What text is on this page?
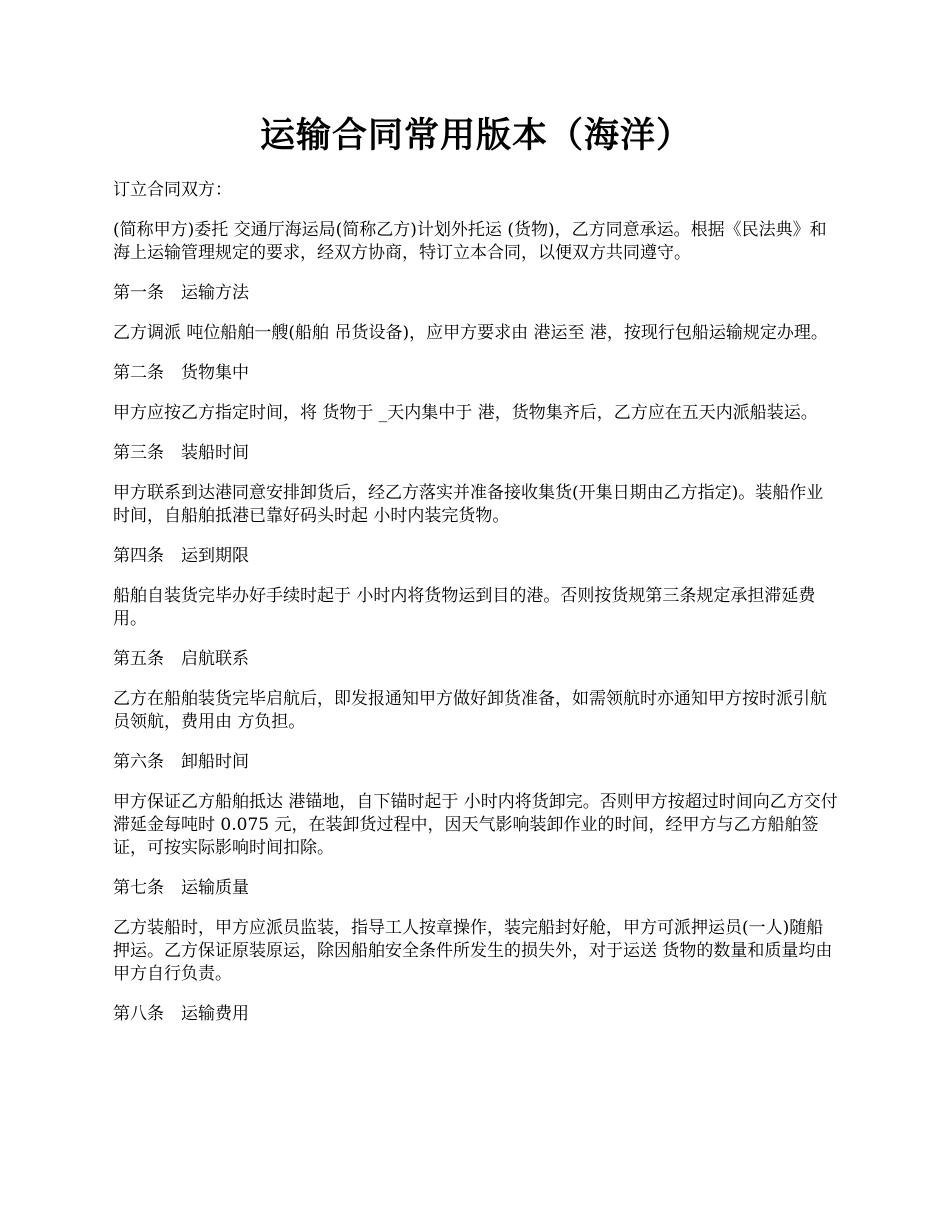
运输合同常用版本（海洋）

订立合同双方：

(简称甲方)委托 交通厅海运局(简称乙方)计划外托运 (货物)，乙方同意承运。根据《民法典》和 海上运输管理规定的要求，经双方协商，特订立本合同，以便双方共同遵守。

第一条　运输方法

乙方调派 吨位船舶一艘(船舶 吊货设备)，应甲方要求由 港运至 港，按现行包船运输规定办理。

第二条　货物集中

甲方应按乙方指定时间，将 货物于 _天内集中于 港，货物集齐后，乙方应在五天内派船装运。

第三条　装船时间

甲方联系到达港同意安排卸货后，经乙方落实并准备接收集货(开集日期由乙方指定)。装船作业时间，自船舶抵港已靠好码头时起 小时内装完货物。

第四条　运到期限

船舶自装货完毕办好手续时起于 小时内将货物运到目的港。否则按货规第三条规定承担滞延费用。

第五条　启航联系

乙方在船舶装货完毕启航后，即发报通知甲方做好卸货准备，如需领航时亦通知甲方按时派引航员领航，费用由 方负担。

第六条　卸船时间

甲方保证乙方船舶抵达 港锚地，自下锚时起于 小时内将货卸完。否则甲方按超过时间向乙方交付滞延金每吨时 0.075 元，在装卸货过程中，因天气影响装卸作业的时间，经甲方与乙方船舶签证，可按实际影响时间扣除。

第七条　运输质量

乙方装船时，甲方应派员监装，指导工人按章操作，装完船封好舱，甲方可派押运员(一人)随船押运。乙方保证原装原运，除因船舶安全条件所发生的损失外，对于运送 货物的数量和质量均由甲方自行负责。

第八条　运输费用
